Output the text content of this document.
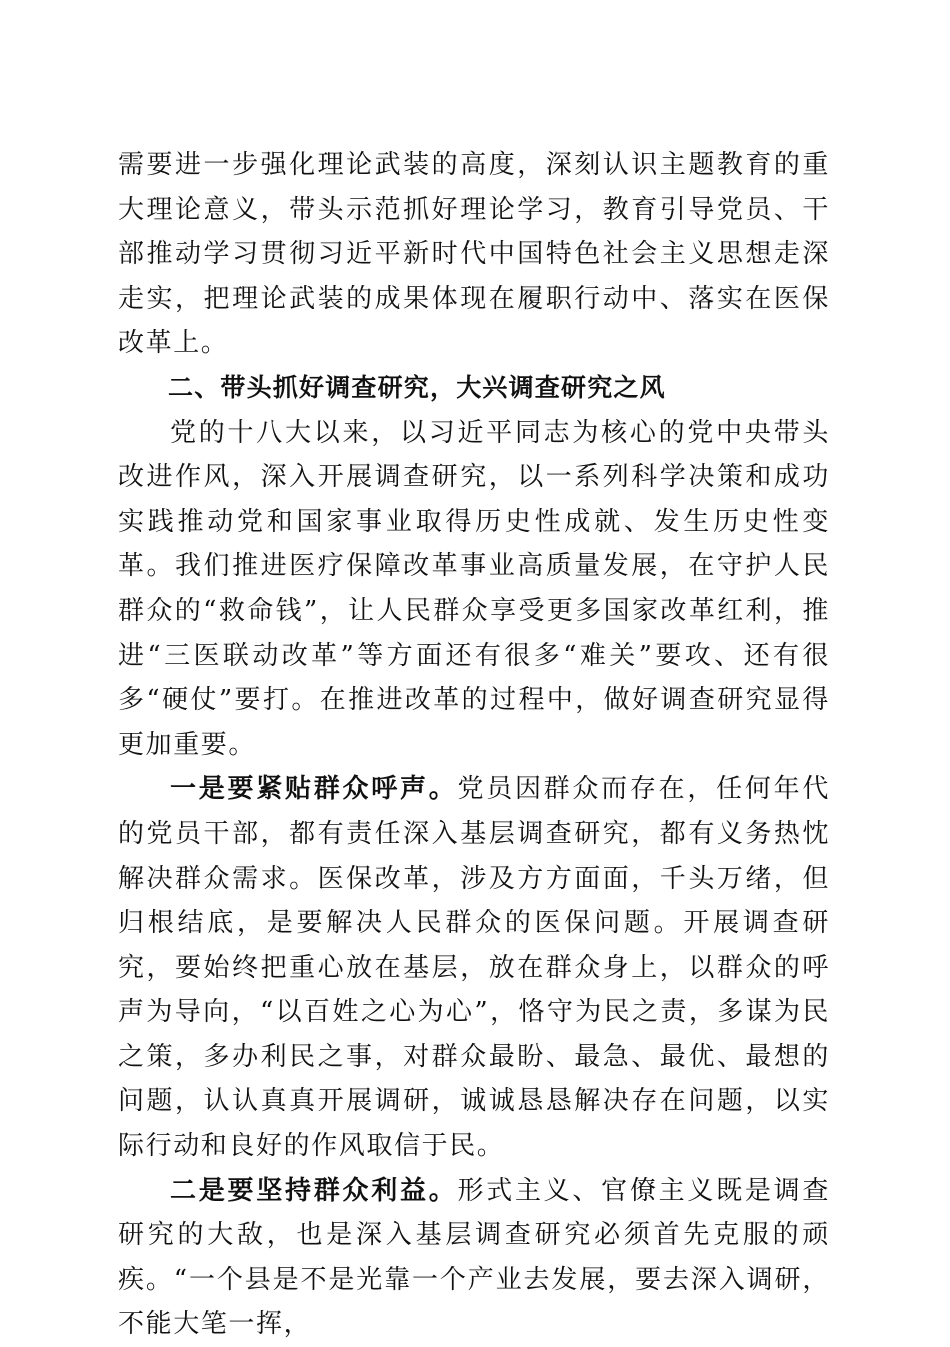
需要进一步强化理论武装的高度，深刻认识主题教育的重大理论意义，带头示范抓好理论学习，教育引导党员、干部推动学习贯彻习近平新时代中国特色社会主义思想走深走实，把理论武装的成果体现在履职行动中、落实在医保改革上。

二、带头抓好调查研究，大兴调查研究之风

党的十八大以来，以习近平同志为核心的党中央带头改进作风，深入开展调查研究，以一系列科学决策和成功实践推动党和国家事业取得历史性成就、发生历史性变革。我们推进医疗保障改革事业高质量发展，在守护人民群众的“救命钱”，让人民群众享受更多国家改革红利，推进“三医联动改革”等方面还有很多“难关”要攻、还有很多“硬仗”要打。在推进改革的过程中，做好调查研究显得更加重要。

一是要紧贴群众呼声。党员因群众而存在，任何年代的党员干部，都有责任深入基层调查研究，都有义务热忱解决群众需求。医保改革，涉及方方面面，千头万绪，但归根结底，是要解决人民群众的医保问题。开展调查研究，要始终把重心放在基层，放在群众身上，以群众的呼声为导向，“以百姓之心为心”，恪守为民之责，多谋为民之策，多办利民之事，对群众最盼、最急、最优、最想的问题，认认真真开展调研，诚诚恳恳解决存在问题，以实际行动和良好的作风取信于民。

二是要坚持群众利益。形式主义、官僚主义既是调查研究的大敌，也是深入基层调查研究必须首先克服的顽疾。“一个县是不是光靠一个产业去发展，要去深入调研，不能大笔一挥，
